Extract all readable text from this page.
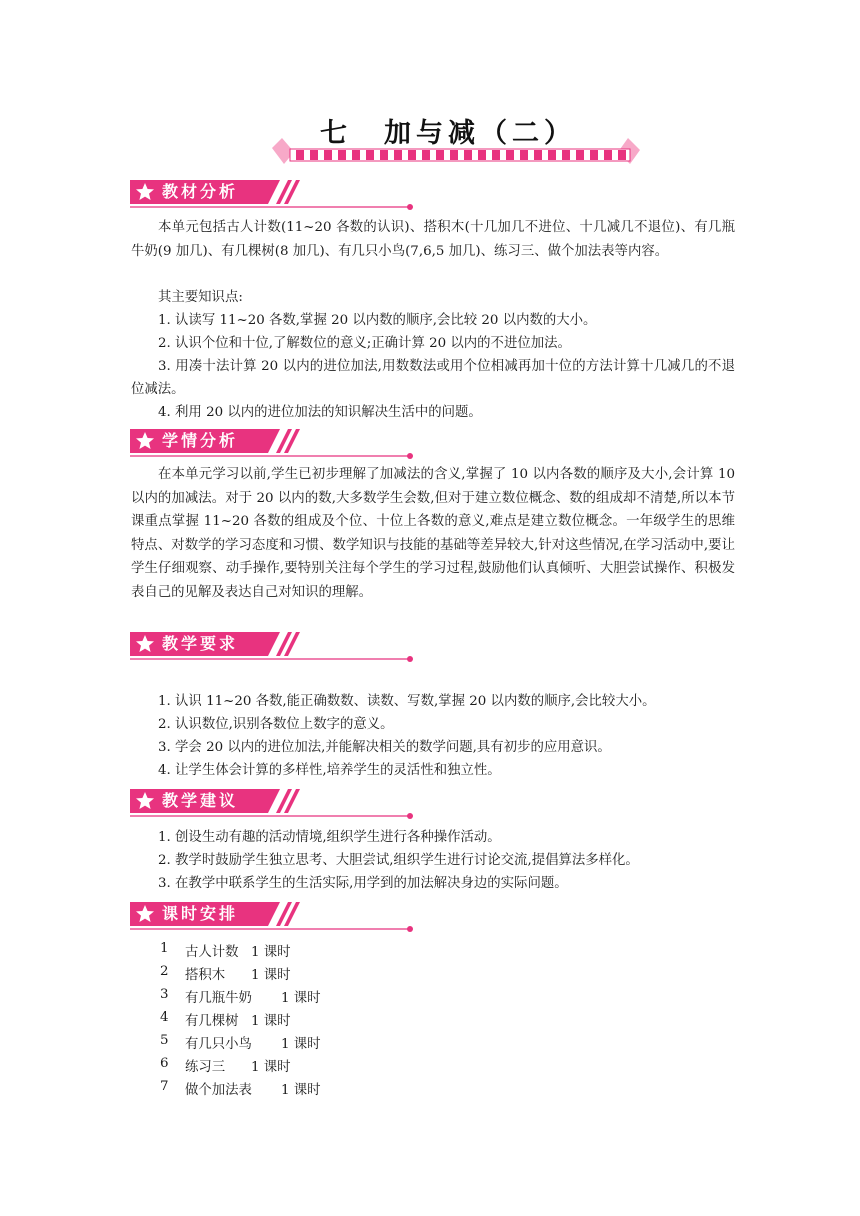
七　加与减（二）
教材分析

本单元包括古人计数(11~20 各数的认识)、搭积木(十几加几不进位、十几减几不退位)、有几瓶牛奶(9 加几)、有几棵树(8 加几)、有几只小鸟(7,6,5 加几)、练习三、做个加法表等内容。

其主要知识点:
1. 认读写 11~20 各数,掌握 20 以内数的顺序,会比较 20 以内数的大小。
2. 认识个位和十位,了解数位的意义;正确计算 20 以内的不进位加法。
3. 用凑十法计算 20 以内的进位加法,用数数法或用个位相减再加十位的方法计算十几减几的不退位减法。
4. 利用 20 以内的进位加法的知识解决生活中的问题。
学情分析

在本单元学习以前,学生已初步理解了加减法的含义,掌握了 10 以内各数的顺序及大小,会计算 10 以内的加减法。对于 20 以内的数,大多数学生会数,但对于建立数位概念、数的组成却不清楚,所以本节课重点掌握 11~20 各数的组成及个位、十位上各数的意义,难点是建立数位概念。一年级学生的思维特点、对数学的学习态度和习惯、数学知识与技能的基础等差异较大,针对这些情况,在学习活动中,要让学生仔细观察、动手操作,要特别关注每个学生的学习过程,鼓励他们认真倾听、大胆尝试操作、积极发表自己的见解及表达自己对知识的理解。

教学要求
1. 认识 11~20 各数,能正确数数、读数、写数,掌握 20 以内数的顺序,会比较大小。
2. 认识数位,识别各数位上数字的意义。
3. 学会 20 以内的进位加法,并能解决相关的数学问题,具有初步的应用意识。
4. 让学生体会计算的多样性,培养学生的灵活性和独立性。
教学建议
1. 创设生动有趣的活动情境,组织学生进行各种操作活动。
2. 教学时鼓励学生独立思考、大胆尝试,组织学生进行讨论交流,提倡算法多样化。
3. 在教学中联系学生的生活实际,用学到的加法解决身边的实际问题。
课时安排
1 古人计数 1 课时
2 搭积木 1 课时
3 有几瓶牛奶 1 课时
4 有几棵树 1 课时
5 有几只小鸟 1 课时
6 练习三 1 课时
7 做个加法表 1 课时
